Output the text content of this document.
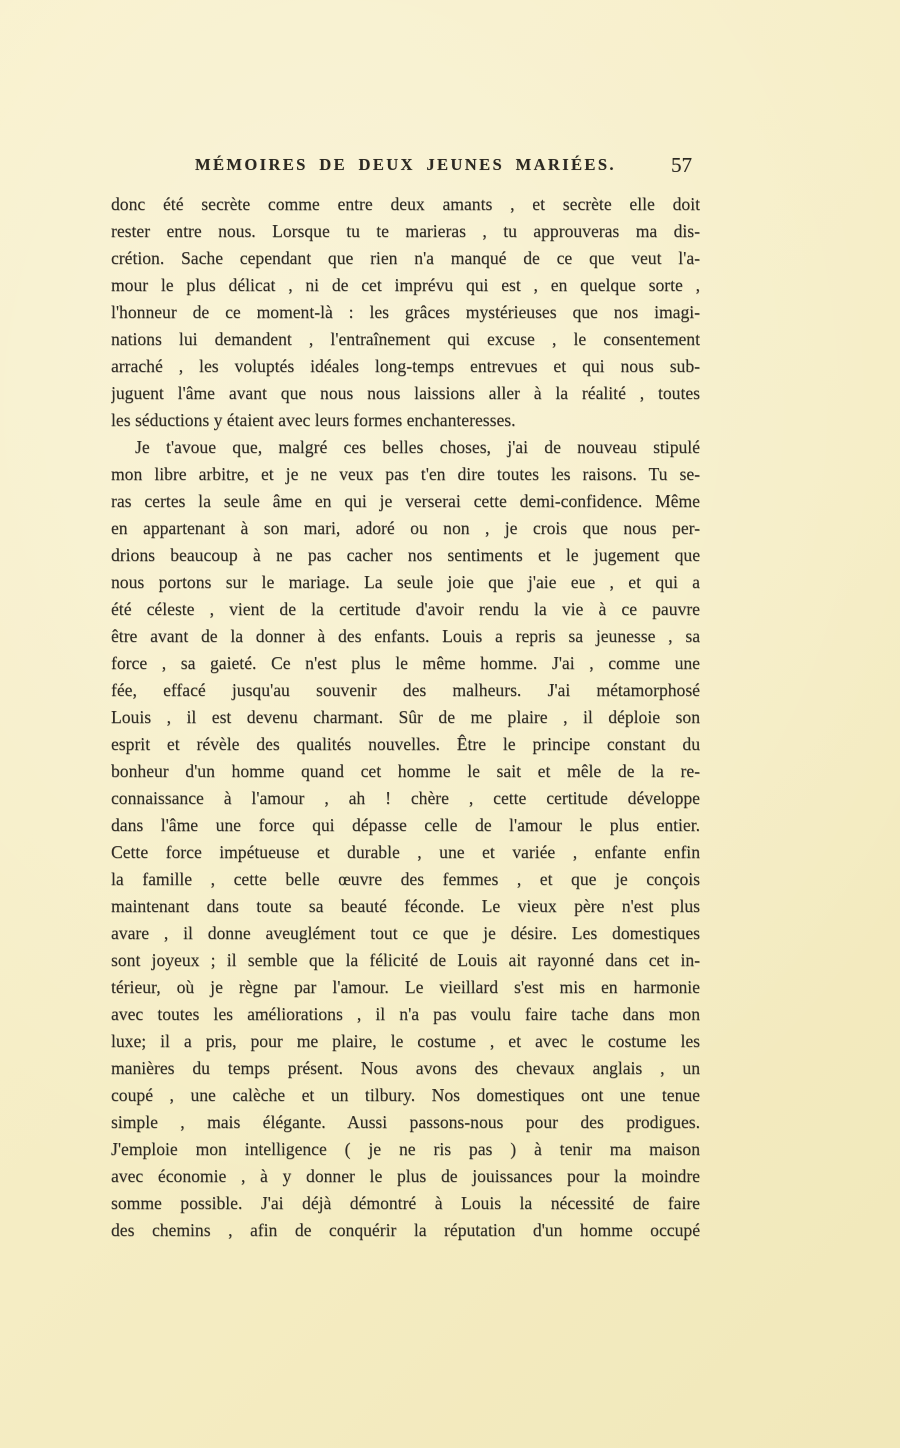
MÉMOIRES DE DEUX JEUNES MARIÉES.	57

donc été secrète comme entre deux amants , et secrète elle doit
rester entre nous. Lorsque tu te marieras , tu approuveras ma dis-
crétion. Sache cependant que rien n'a manqué de ce que veut l'a-
mour le plus délicat , ni de cet imprévu qui est , en quelque sorte ,
l'honneur de ce moment-là : les grâces mystérieuses que nos imagi-
nations lui demandent , l'entraînement qui excuse , le consentement
arraché , les voluptés idéales long-temps entrevues et qui nous sub-
juguent l'âme avant que nous nous laissions aller à la réalité , toutes
les séductions y étaient avec leurs formes enchanteresses.

Je t'avoue que, malgré ces belles choses, j'ai de nouveau stipulé
mon libre arbitre, et je ne veux pas t'en dire toutes les raisons. Tu se-
ras certes la seule âme en qui je verserai cette demi-confidence. Même
en appartenant à son mari, adoré ou non , je crois que nous per-
drions beaucoup à ne pas cacher nos sentiments et le jugement que
nous portons sur le mariage. La seule joie que j'aie eue , et qui a
été céleste , vient de la certitude d'avoir rendu la vie à ce pauvre
être avant de la donner à des enfants. Louis a repris sa jeunesse , sa
force , sa gaieté. Ce n'est plus le même homme. J'ai , comme une
fée, effacé jusqu'au souvenir des malheurs. J'ai métamorphosé
Louis , il est devenu charmant. Sûr de me plaire , il déploie son
esprit et révèle des qualités nouvelles. Être le principe constant du
bonheur d'un homme quand cet homme le sait et mêle de la re-
connaissance à l'amour , ah ! chère , cette certitude développe
dans l'âme une force qui dépasse celle de l'amour le plus entier.
Cette force impétueuse et durable , une et variée , enfante enfin
la famille , cette belle œuvre des femmes , et que je conçois
maintenant dans toute sa beauté féconde. Le vieux père n'est plus
avare , il donne aveuglément tout ce que je désire. Les domestiques
sont joyeux ; il semble que la félicité de Louis ait rayonné dans cet in-
térieur, où je règne par l'amour. Le vieillard s'est mis en harmonie
avec toutes les améliorations , il n'a pas voulu faire tache dans mon
luxe; il a pris, pour me plaire, le costume , et avec le costume les
manières du temps présent. Nous avons des chevaux anglais , un
coupé , une calèche et un tilbury. Nos domestiques ont une tenue
simple , mais élégante. Aussi passons-nous pour des prodigues.
J'emploie mon intelligence ( je ne ris pas ) à tenir ma maison
avec économie , à y donner le plus de jouissances pour la moindre
somme possible. J'ai déjà démontré à Louis la nécessité de faire
des chemins , afin de conquérir la réputation d'un homme occupé
